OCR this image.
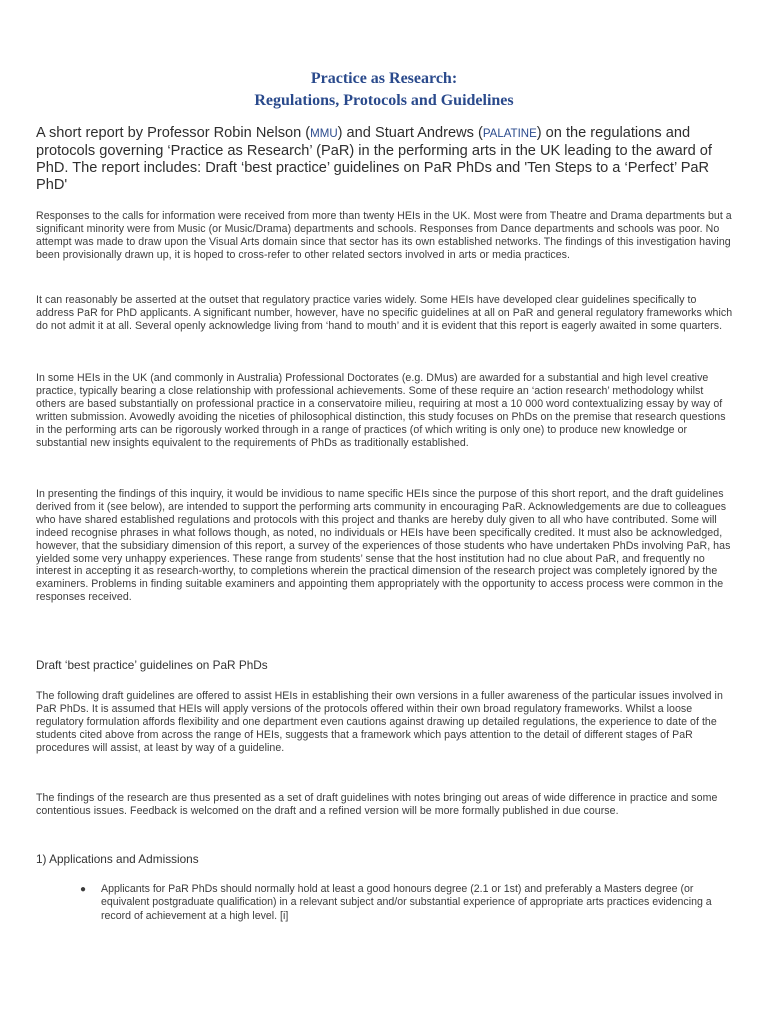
Practice as Research:
Regulations, Protocols and Guidelines
A short report by Professor Robin Nelson (MMU) and Stuart Andrews (PALATINE) on the regulations and protocols governing ‘Practice as Research’ (PaR) in the performing arts in the UK leading to the award of PhD. The report includes: Draft ‘best practice’ guidelines on PaR PhDs and 'Ten Steps to a ‘Perfect’ PaR PhD'
Responses to the calls for information were received from more than twenty HEIs in the UK. Most were from Theatre and Drama departments but a significant minority were from Music (or Music/Drama) departments and schools. Responses from Dance departments and schools was poor. No attempt was made to draw upon the Visual Arts domain since that sector has its own established networks. The findings of this investigation having been provisionally drawn up, it is hoped to cross-refer to other related sectors involved in arts or media practices.
It can reasonably be asserted at the outset that regulatory practice varies widely. Some HEIs have developed clear guidelines specifically to address PaR for PhD applicants. A significant number, however, have no specific guidelines at all on PaR and general regulatory frameworks which do not admit it at all. Several openly acknowledge living from ‘hand to mouth’ and it is evident that this report is eagerly awaited in some quarters.
In some HEIs in the UK (and commonly in Australia) Professional Doctorates (e.g. DMus) are awarded for a substantial and high level creative practice, typically bearing a close relationship with professional achievements. Some of these require an ‘action research’ methodology whilst others are based substantially on professional practice in a conservatoire milieu, requiring at most a 10 000 word contextualizing essay by way of written submission. Avowedly avoiding the niceties of philosophical distinction, this study focuses on PhDs on the premise that research questions in the performing arts can be rigorously worked through in a range of practices (of which writing is only one) to produce new knowledge or substantial new insights equivalent to the requirements of PhDs as traditionally established.
In presenting the findings of this inquiry, it would be invidious to name specific HEIs since the purpose of this short report, and the draft guidelines derived from it (see below), are intended to support the performing arts community in encouraging PaR. Acknowledgements are due to colleagues who have shared established regulations and protocols with this project and thanks are hereby duly given to all who have contributed. Some will indeed recognise phrases in what follows though, as noted, no individuals or HEIs have been specifically credited. It must also be acknowledged, however, that the subsidiary dimension of this report, a survey of the experiences of those students who have undertaken PhDs involving PaR, has yielded some very unhappy experiences. These range from students’ sense that the host institution had no clue about PaR, and frequently no interest in accepting it as research-worthy, to completions wherein the practical dimension of the research project was completely ignored by the examiners. Problems in finding suitable examiners and appointing them appropriately with the opportunity to access process were common in the responses received.
Draft ‘best practice’ guidelines on PaR PhDs
The following draft guidelines are offered to assist HEIs in establishing their own versions in a fuller awareness of the particular issues involved in PaR PhDs. It is assumed that HEIs will apply versions of the protocols offered within their own broad regulatory frameworks. Whilst a loose regulatory formulation affords flexibility and one department even cautions against drawing up detailed regulations, the experience to date of the students cited above from across the range of HEIs, suggests that a framework which pays attention to the detail of different stages of PaR procedures will assist, at least by way of a guideline.
The findings of the research are thus presented as a set of draft guidelines with notes bringing out areas of wide difference in practice and some contentious issues. Feedback is welcomed on the draft and a refined version will be more formally published in due course.
1) Applications and Admissions
● Applicants for PaR PhDs should normally hold at least a good honours degree (2.1 or 1st) and preferably a Masters degree (or equivalent postgraduate qualification) in a relevant subject and/or substantial experience of appropriate arts practices evidencing a record of achievement at a high level. [i]
